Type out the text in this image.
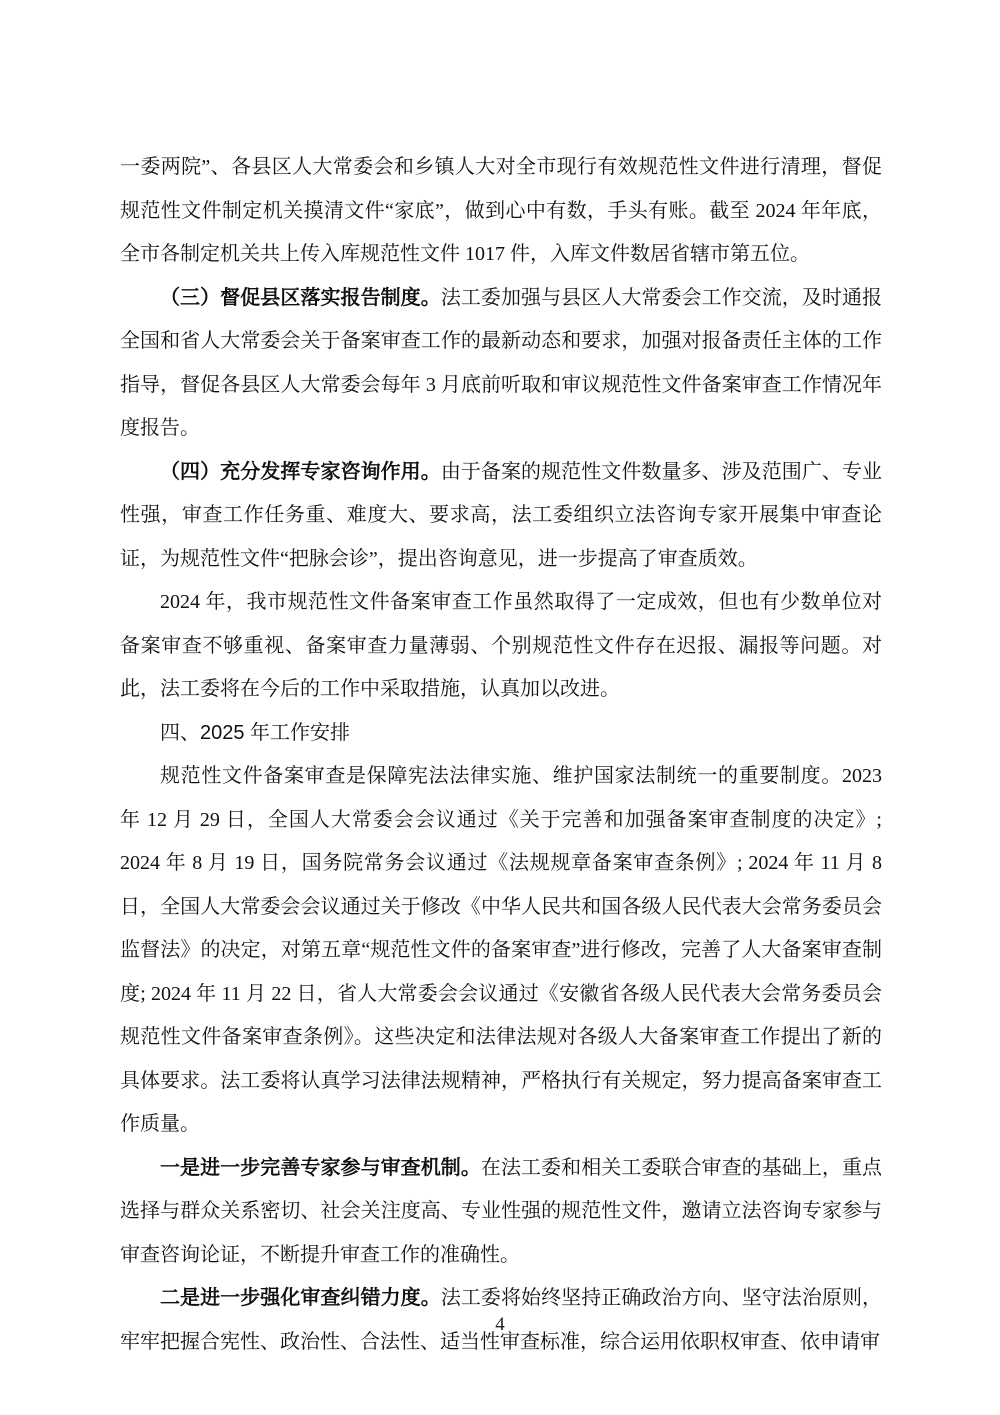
一委两院”、各县区人大常委会和乡镇人大对全市现行有效规范性文件进行清理，督促规范性文件制定机关摸清文件“家底”，做到心中有数，手头有账。截至 2024 年年底，全市各制定机关共上传入库规范性文件 1017 件，入库文件数居省辖市第五位。

（三）督促县区落实报告制度。法工委加强与县区人大常委会工作交流，及时通报全国和省人大常委会关于备案审查工作的最新动态和要求，加强对报备责任主体的工作指导，督促各县区人大常委会每年 3 月底前听取和审议规范性文件备案审查工作情况年度报告。

（四）充分发挥专家咨询作用。由于备案的规范性文件数量多、涉及范围广、专业性强，审查工作任务重、难度大、要求高，法工委组织立法咨询专家开展集中审查论证，为规范性文件“把脉会诊”，提出咨询意见，进一步提高了审查质效。

2024 年，我市规范性文件备案审查工作虽然取得了一定成效，但也有少数单位对备案审查不够重视、备案审查力量薄弱、个别规范性文件存在迟报、漏报等问题。对此，法工委将在今后的工作中采取措施，认真加以改进。

四、2025 年工作安排

规范性文件备案审查是保障宪法法律实施、维护国家法制统一的重要制度。2023 年 12 月 29 日，全国人大常委会会议通过《关于完善和加强备案审查制度的决定》; 2024 年 8 月 19 日，国务院常务会议通过《法规规章备案审查条例》; 2024 年 11 月 8 日，全国人大常委会会议通过关于修改《中华人民共和国各级人民代表大会常务委员会监督法》的决定，对第五章“规范性文件的备案审查”进行修改，完善了人大备案审查制度; 2024 年 11 月 22 日，省人大常委会会议通过《安徽省各级人民代表大会常务委员会规范性文件备案审查条例》。这些决定和法律法规对各级人大备案审查工作提出了新的具体要求。法工委将认真学习法律法规精神，严格执行有关规定，努力提高备案审查工作质量。

一是进一步完善专家参与审查机制。在法工委和相关工委联合审查的基础上，重点选择与群众关系密切、社会关注度高、专业性强的规范性文件，邀请立法咨询专家参与审查咨询论证，不断提升审查工作的准确性。

二是进一步强化审查纠错力度。法工委将始终坚持正确政治方向、坚守法治原则，牢牢把握合宪性、政治性、合法性、适当性审查标准，综合运用依职权审查、依申请审

4
